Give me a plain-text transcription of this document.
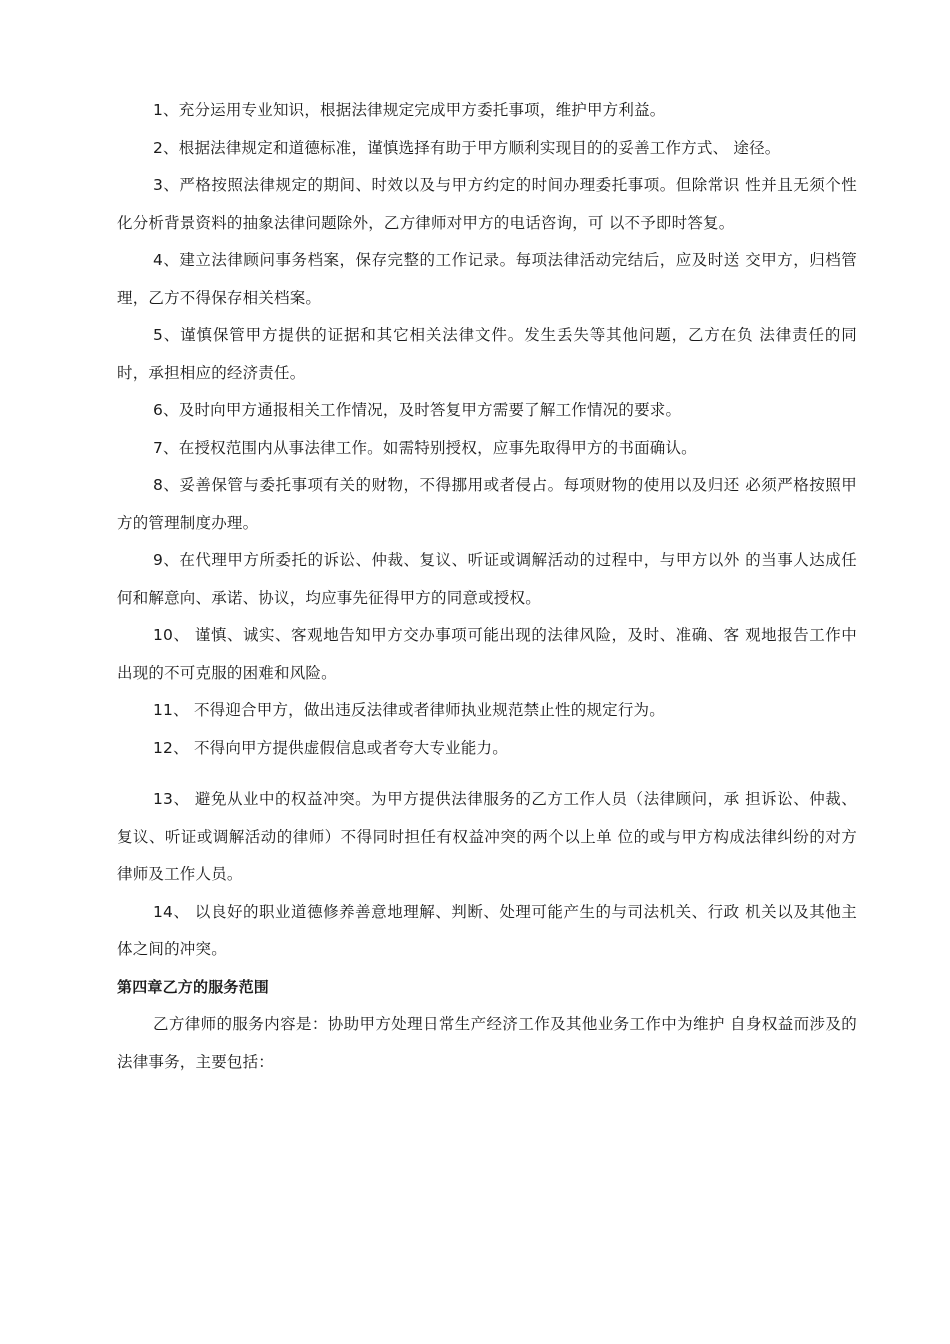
1、充分运用专业知识，根据法律规定完成甲方委托事项，维护甲方利益。

2、根据法律规定和道德标准，谨慎选择有助于甲方顺利实现目的的妥善工作方式、 途径。

3、严格按照法律规定的期间、时效以及与甲方约定的时间办理委托事项。但除常识 性并且无须个性化分析背景资料的抽象法律问题除外，乙方律师对甲方的电话咨询，可 以不予即时答复。

4、建立法律顾问事务档案，保存完整的工作记录。每项法律活动完结后，应及时送 交甲方，归档管理，乙方不得保存相关档案。

5、谨慎保管甲方提供的证据和其它相关法律文件。发生丢失等其他问题，乙方在负 法律责任的同时，承担相应的经济责任。

6、及时向甲方通报相关工作情况，及时答复甲方需要了解工作情况的要求。

7、在授权范围内从事法律工作。如需特别授权，应事先取得甲方的书面确认。

8、妥善保管与委托事项有关的财物，不得挪用或者侵占。每项财物的使用以及归还 必须严格按照甲方的管理制度办理。

9、在代理甲方所委托的诉讼、仲裁、复议、听证或调解活动的过程中，与甲方以外 的当事人达成任何和解意向、承诺、协议，均应事先征得甲方的同意或授权。

10、 谨慎、诚实、客观地告知甲方交办事项可能出现的法律风险，及时、准确、客 观地报告工作中出现的不可克服的困难和风险。

11、 不得迎合甲方，做出违反法律或者律师执业规范禁止性的规定行为。

12、 不得向甲方提供虚假信息或者夸大专业能力。

13、 避免从业中的权益冲突。为甲方提供法律服务的乙方工作人员（法律顾问，承 担诉讼、仲裁、复议、听证或调解活动的律师）不得同时担任有权益冲突的两个以上单 位的或与甲方构成法律纠纷的对方律师及工作人员。

14、 以良好的职业道德修养善意地理解、判断、处理可能产生的与司法机关、行政 机关以及其他主体之间的冲突。

第四章乙方的服务范围

乙方律师的服务内容是：协助甲方处理日常生产经济工作及其他业务工作中为维护 自身权益而涉及的法律事务，主要包括：
